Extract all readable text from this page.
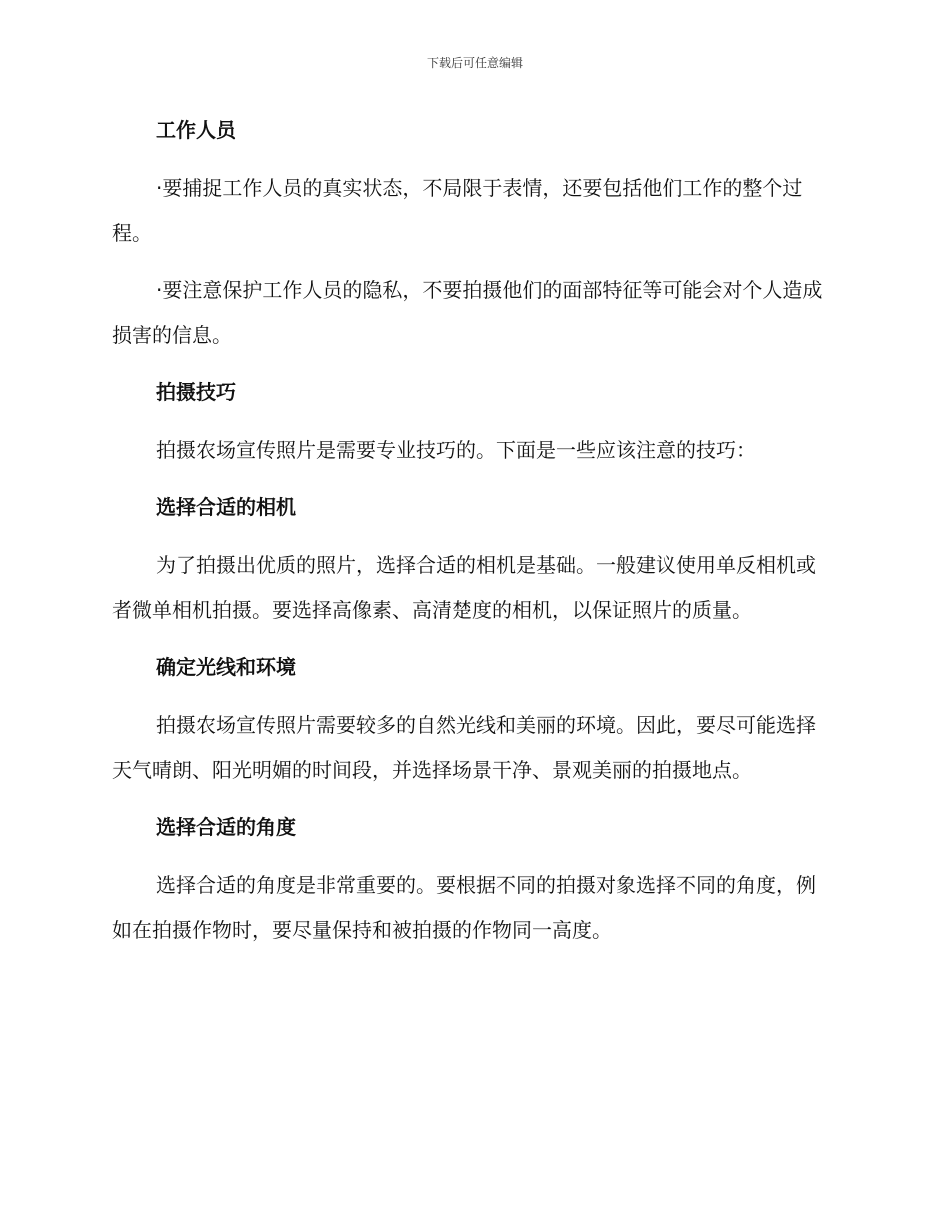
下载后可任意编辑
工作人员
·要捕捉工作人员的真实状态，不局限于表情，还要包括他们工作的整个过程。
·要注意保护工作人员的隐私，不要拍摄他们的面部特征等可能会对个人造成损害的信息。
拍摄技巧
拍摄农场宣传照片是需要专业技巧的。下面是一些应该注意的技巧：
选择合适的相机
为了拍摄出优质的照片，选择合适的相机是基础。一般建议使用单反相机或者微单相机拍摄。要选择高像素、高清楚度的相机，以保证照片的质量。
确定光线和环境
拍摄农场宣传照片需要较多的自然光线和美丽的环境。因此，要尽可能选择天气晴朗、阳光明媚的时间段，并选择场景干净、景观美丽的拍摄地点。
选择合适的角度
选择合适的角度是非常重要的。要根据不同的拍摄对象选择不同的角度，例如在拍摄作物时，要尽量保持和被拍摄的作物同一高度。
